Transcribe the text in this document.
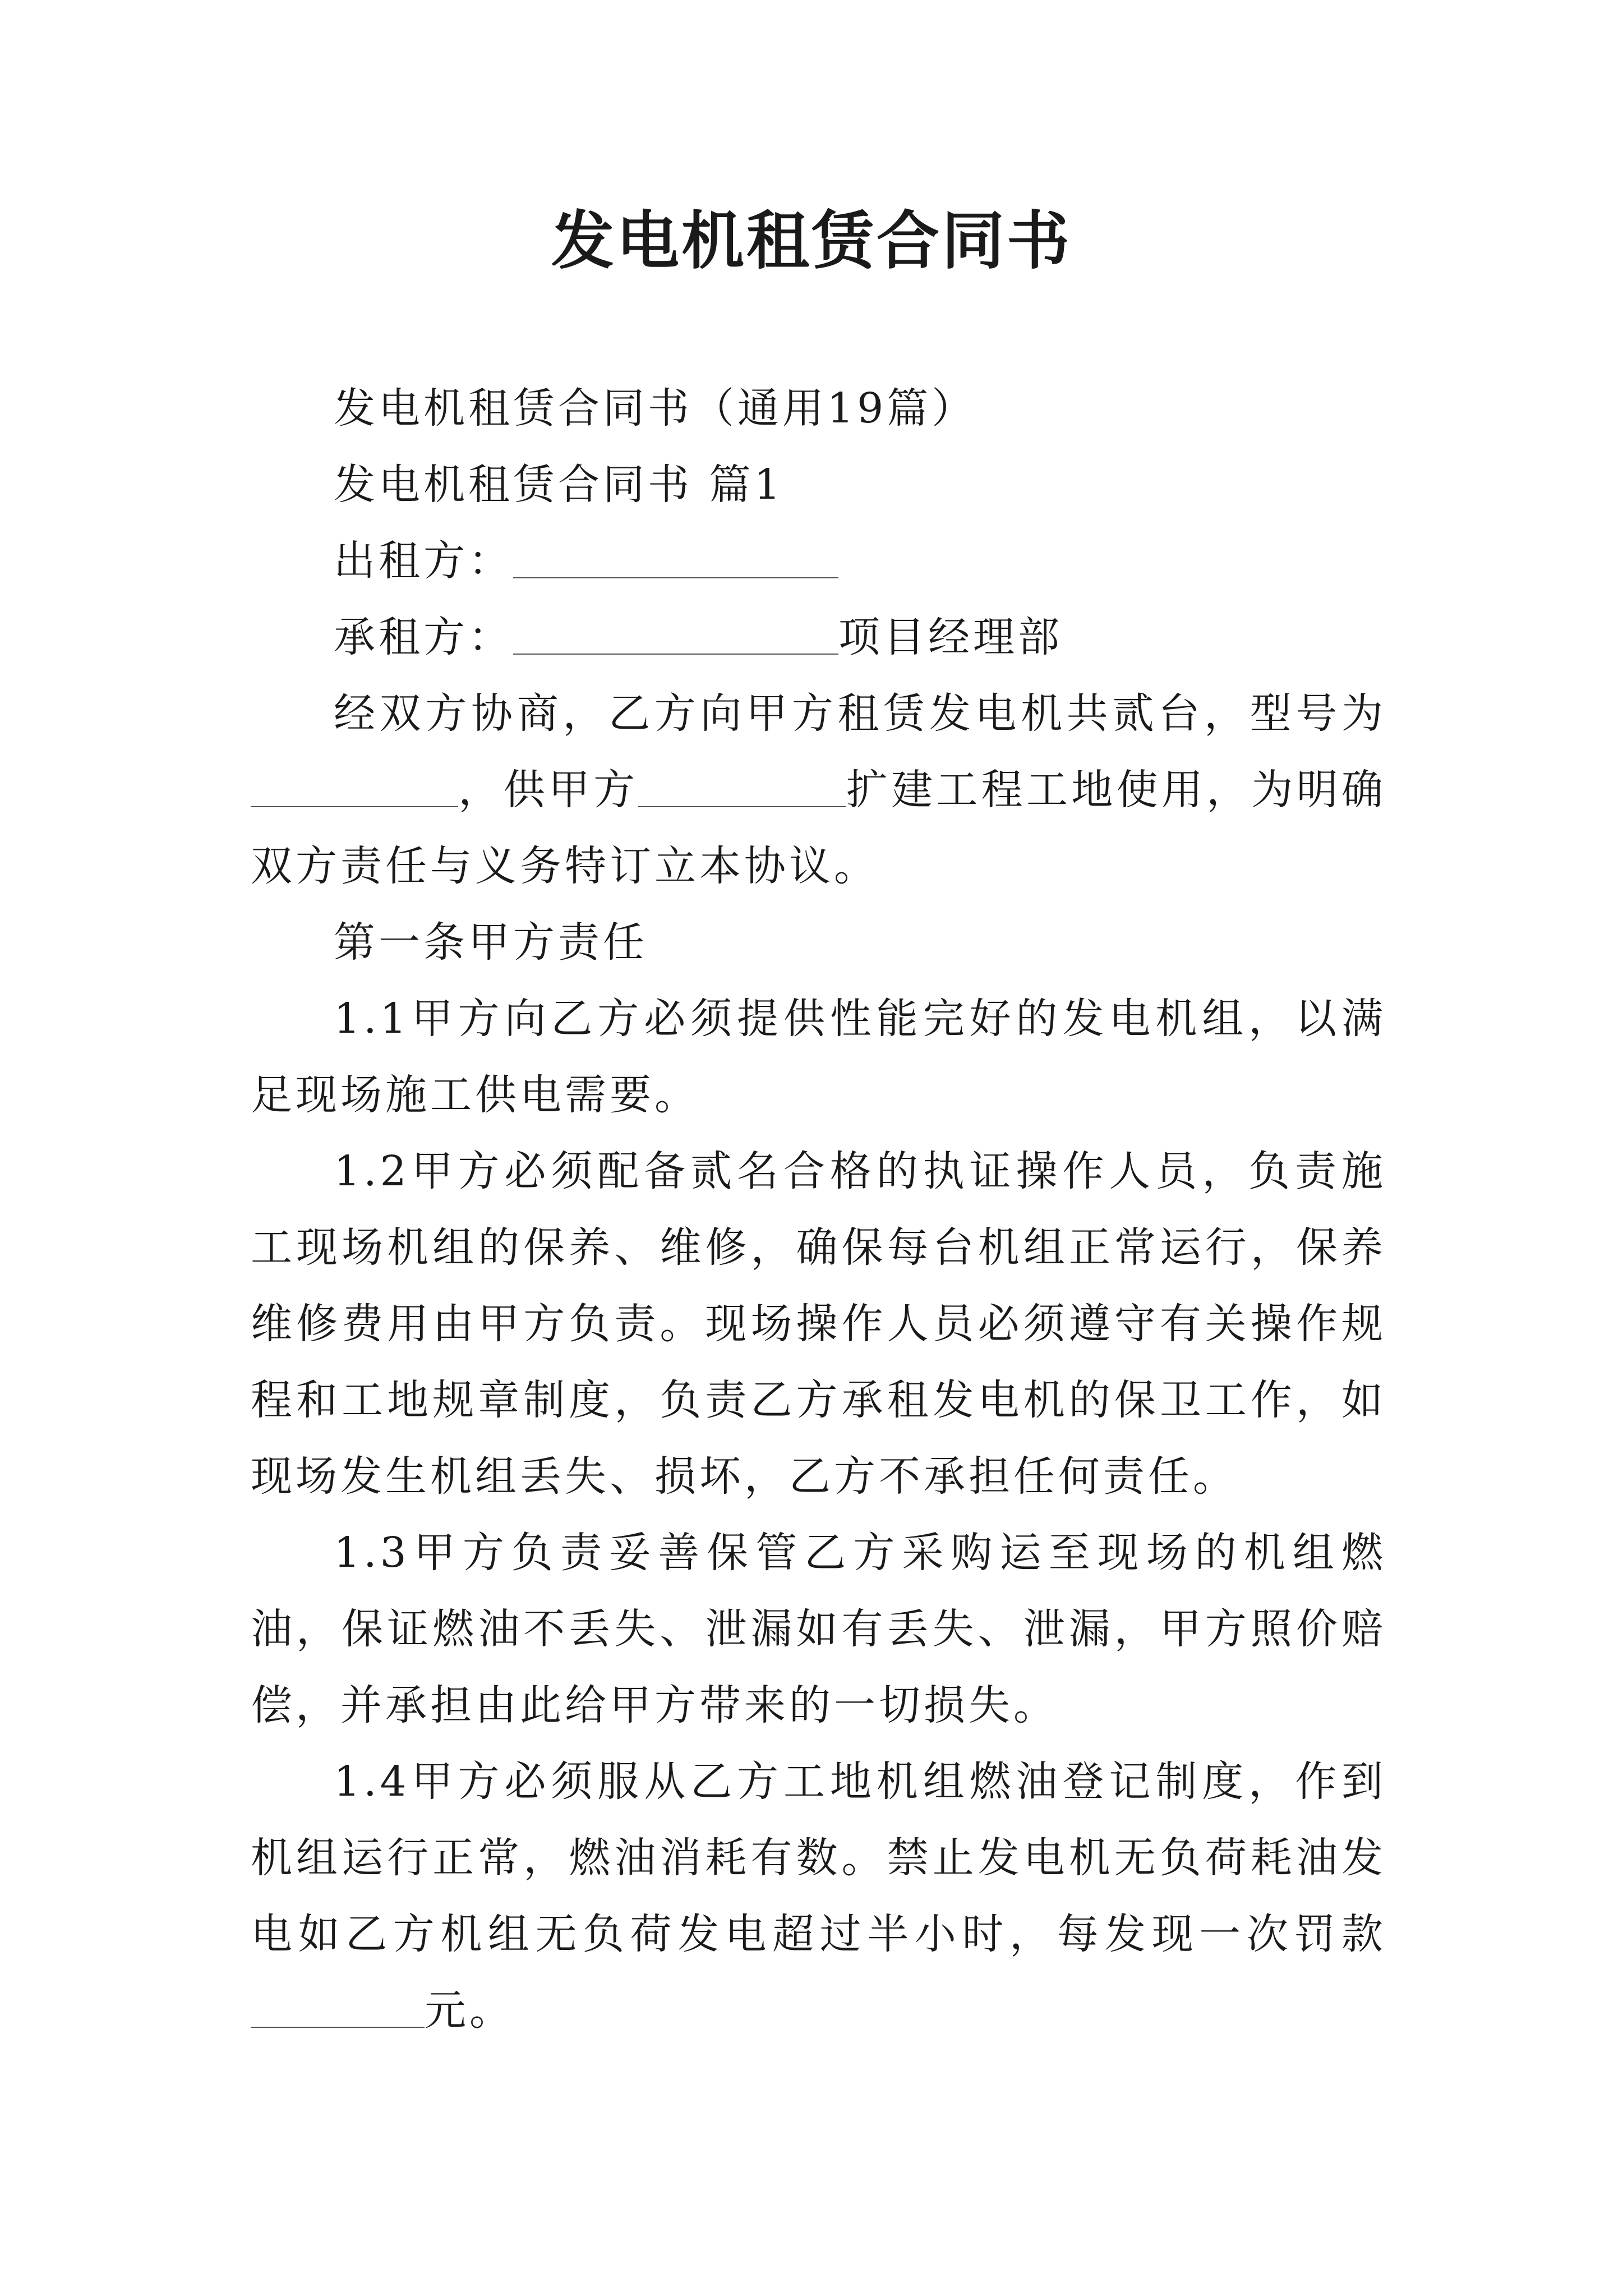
发电机租赁合同书

发电机租赁合同书（通用19篇）

发电机租赁合同书 篇1

出租方：

承租方：	项目经理部

经双方协商，乙方向甲方租赁发电机共贰台，型号为，供甲方	扩建工程工地使用，为明确双方责任与义务特订立本协议。

第一条甲方责任

1.1甲方向乙方必须提供性能完好的发电机组，以满足现场施工供电需要。

1.2甲方必须配备贰名合格的执证操作人员，负责施工现场机组的保养、维修，确保每台机组正常运行，保养维修费用由甲方负责。现场操作人员必须遵守有关操作规程和工地规章制度，负责乙方承租发电机的保卫工作，如现场发生机组丢失、损坏，乙方不承担任何责任。

1.3甲方负责妥善保管乙方采购运至现场的机组燃油，保证燃油不丢失、泄漏如有丢失、泄漏，甲方照价赔偿，并承担由此给甲方带来的一切损失。

1.4甲方必须服从乙方工地机组燃油登记制度，作到机组运行正常，燃油消耗有数。禁止发电机无负荷耗油发电如乙方机组无负荷发电超过半小时，每发现一次罚款元。
